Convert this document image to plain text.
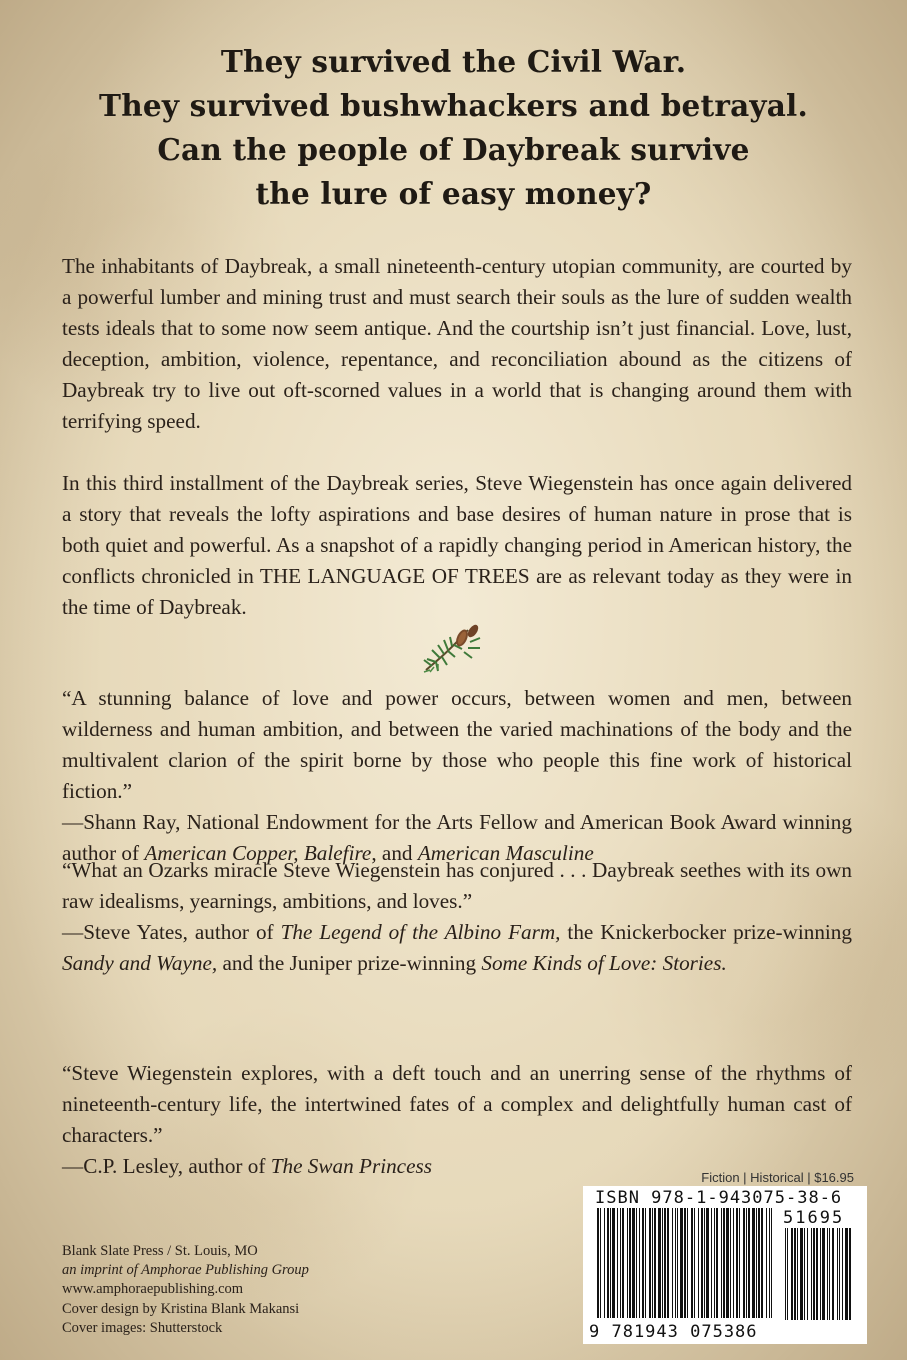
They survived the Civil War.
They survived bushwhackers and betrayal.
Can the people of Daybreak survive
the lure of easy money?

The inhabitants of Daybreak, a small nineteenth-century utopian community, are courted by a powerful lumber and mining trust and must search their souls as the lure of sudden wealth tests ideals that to some now seem antique. And the courtship isn’t just financial. Love, lust, deception, ambition, violence, repentance, and reconciliation abound as the citizens of Daybreak try to live out oft-scorned values in a world that is changing around them with terrifying speed.

In this third installment of the Daybreak series, Steve Wiegenstein has once again delivered a story that reveals the lofty aspirations and base desires of human nature in prose that is both quiet and powerful. As a snapshot of a rapidly changing period in American history, the conflicts chronicled in THE LANGUAGE OF TREES are as relevant today as they were in the time of Daybreak.

“A stunning balance of love and power occurs, between women and men, between wilderness and human ambition, and between the varied machinations of the body and the multivalent clarion of the spirit borne by those who people this fine work of historical fiction.”

—Shann Ray, National Endowment for the Arts Fellow and American Book Award winning author of American Copper, Balefire, and American Masculine

“What an Ozarks miracle Steve Wiegenstein has conjured . . . Daybreak seethes with its own raw idealisms, yearnings, ambitions, and loves.”

—Steve Yates, author of The Legend of the Albino Farm, the Knickerbocker prize-winning Sandy and Wayne, and the Juniper prize-winning Some Kinds of Love: Stories.

“Steve Wiegenstein explores, with a deft touch and an unerring sense of the rhythms of nineteenth-century life, the intertwined fates of a complex and delightfully human cast of characters.”

—C.P. Lesley, author of The Swan Princess	Fiction | Historical | $16.95
ISBN 978-1-943075-38-6
51695
9 781943 075386
Blank Slate Press / St. Louis, MO
an imprint of Amphorae Publishing Group
www.amphoraepublishing.com
Cover design by Kristina Blank Makansi
Cover images: Shutterstock
